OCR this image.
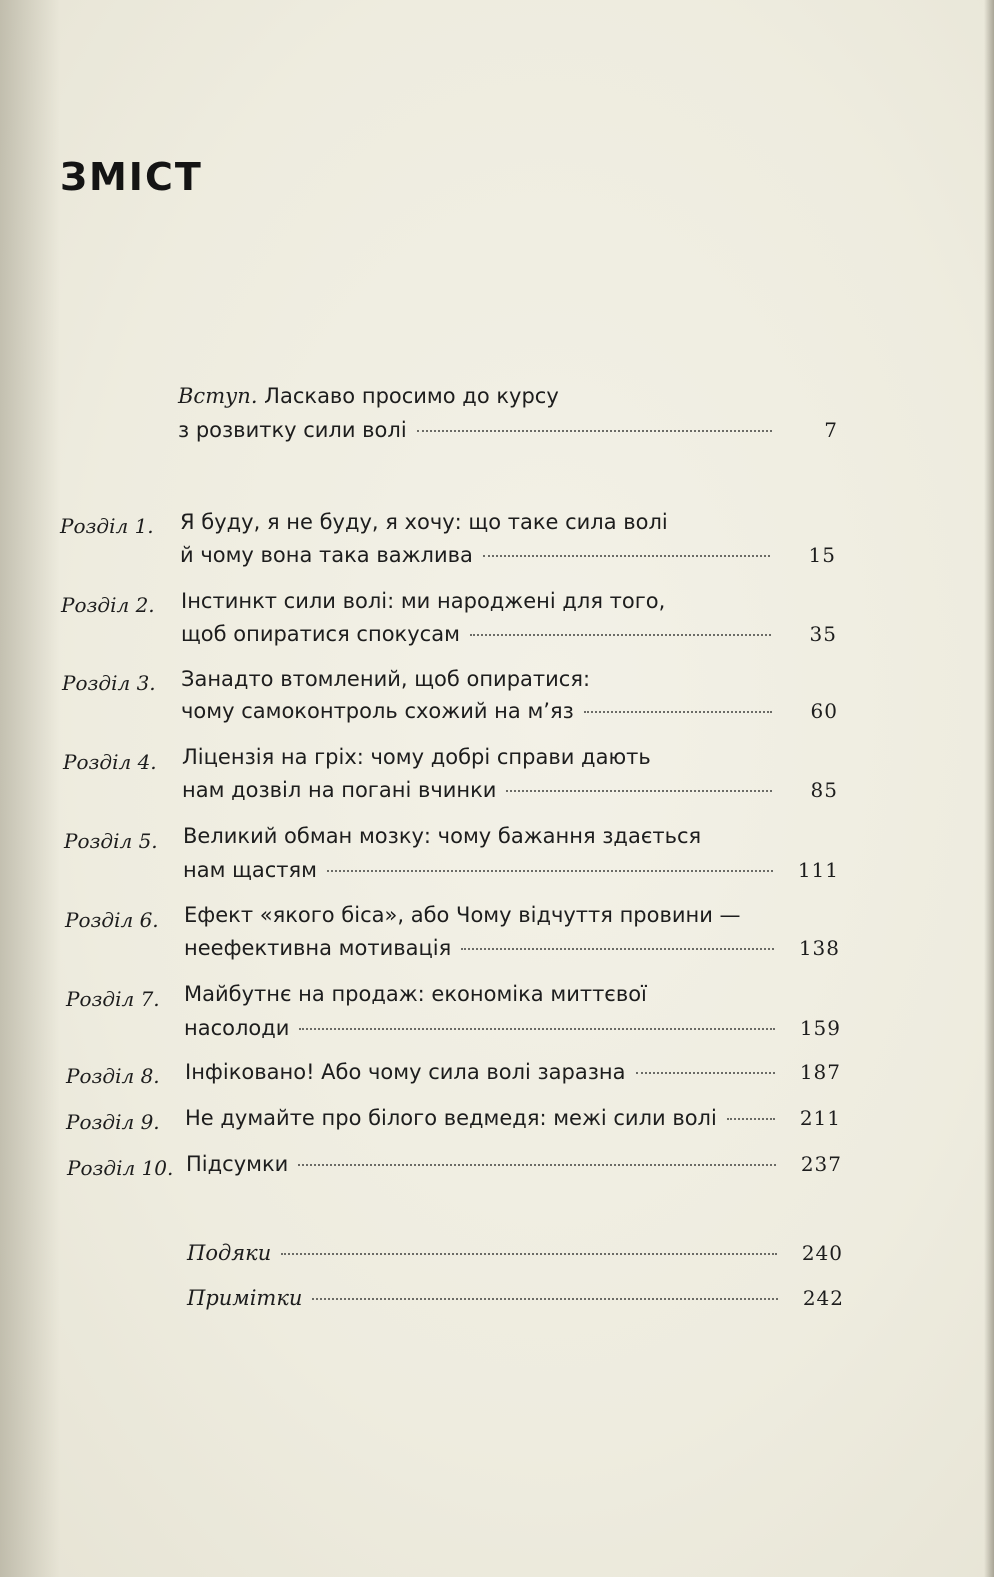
ЗМІСТ
Вступ. Ласкаво просимо до курсу
з розвитку сили волі	7
Розділ 1. Я буду, я не буду, я хочу: що таке сила волі
й чому вона така важлива	15
Розділ 2. Інстинкт сили волі: ми народжені для того,
щоб опиратися спокусам	35
Розділ 3. Занадто втомлений, щоб опиратися:
чому самоконтроль схожий на м’яз	60
Розділ 4. Ліцензія на гріх: чому добрі справи дають
нам дозвіл на погані вчинки	85
Розділ 5. Великий обман мозку: чому бажання здається
нам щастям	111
Розділ 6. Ефект «якого біса», або Чому відчуття провини —
неефективна мотивація	138
Розділ 7. Майбутнє на продаж: економіка миттєвої
насолоди	159
Розділ 8. Інфіковано! Або чому сила волі заразна	187
Розділ 9. Не думайте про білого ведмедя: межі сили волі	211
Розділ 10. Підсумки	237
Подяки	240
Примітки	242
